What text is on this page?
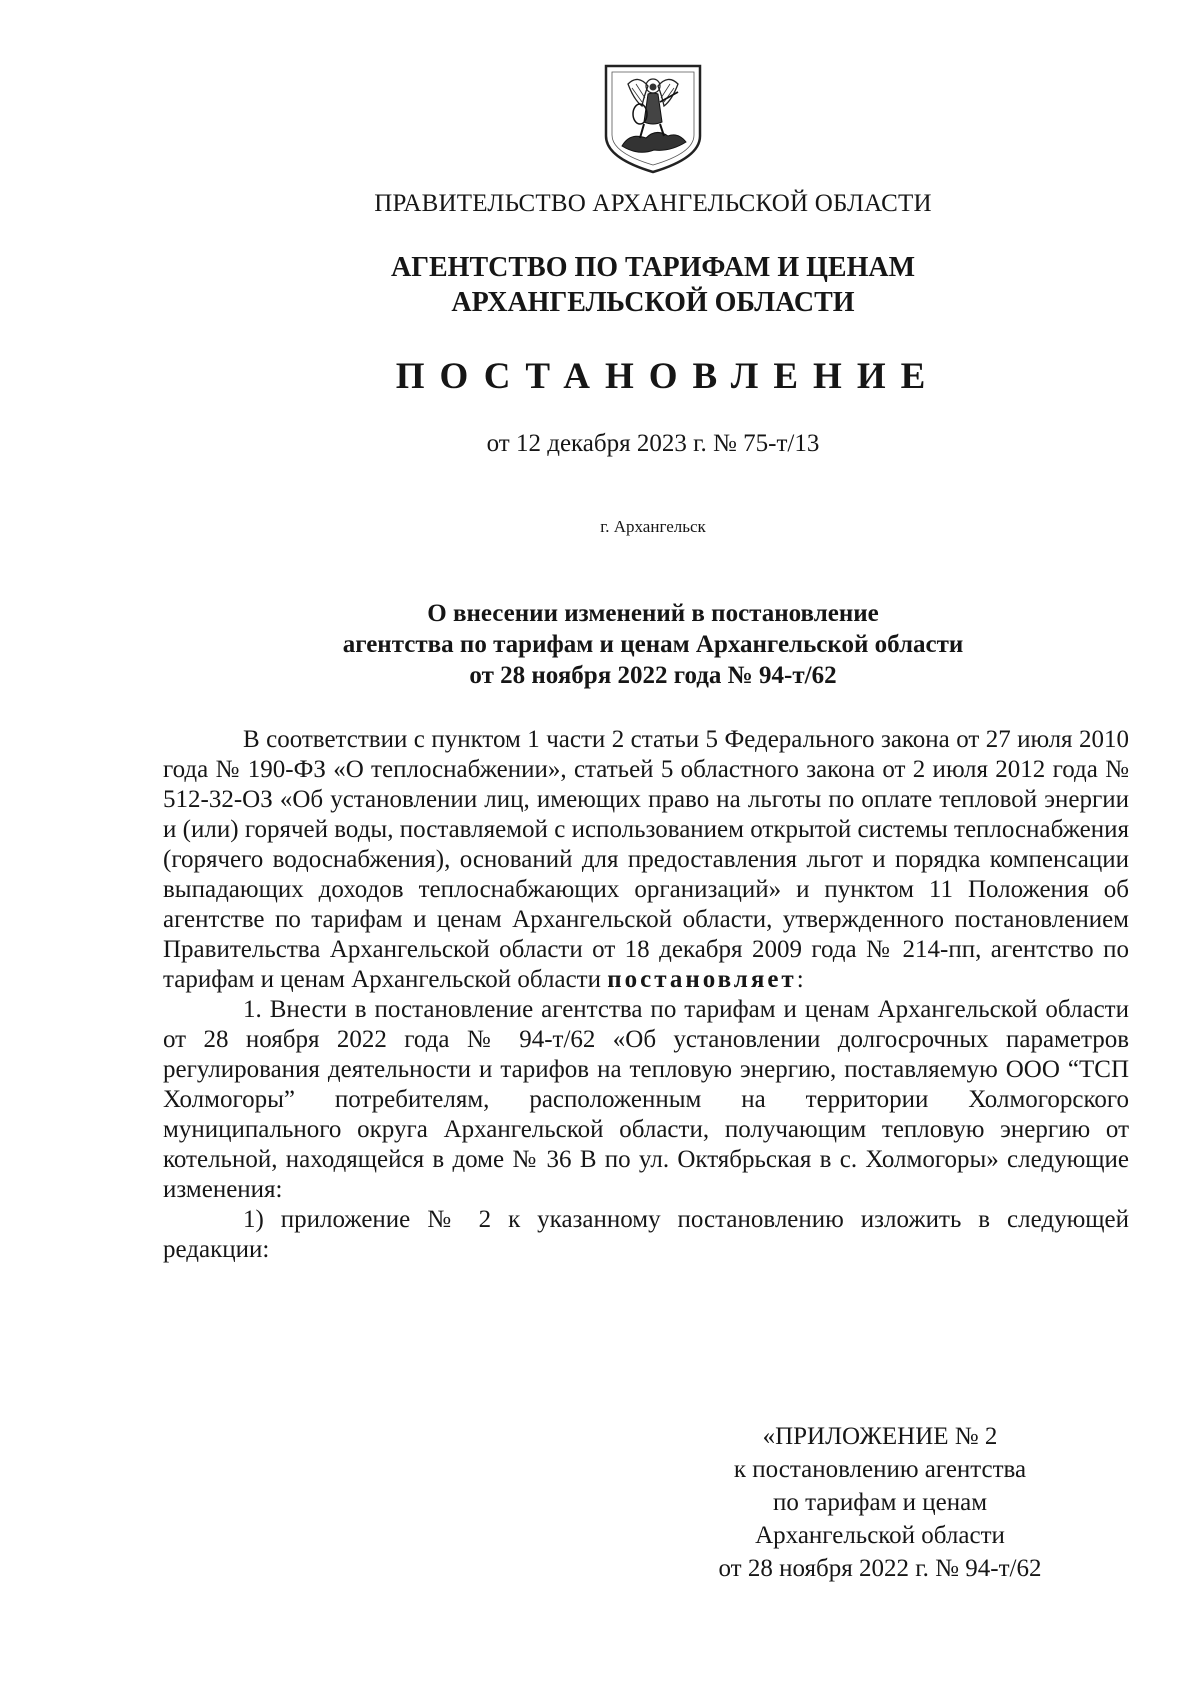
ПРАВИТЕЛЬСТВО АРХАНГЕЛЬСКОЙ ОБЛАСТИ
АГЕНТСТВО ПО ТАРИФАМ И ЦЕНАМ
АРХАНГЕЛЬСКОЙ ОБЛАСТИ
ПОСТАНОВЛЕНИЕ
от 12 декабря 2023 г. № 75-т/13
г. Архангельск
О внесении изменений в постановление
агентства по тарифам и ценам Архангельской области
от 28 ноября 2022 года № 94-т/62

В соответствии с пунктом 1 части 2 статьи 5 Федерального закона от 27 июля 2010 года № 190-ФЗ «О теплоснабжении», статьей 5 областного закона от 2 июля 2012 года № 512-32-ОЗ «Об установлении лиц, имеющих право на льготы по оплате тепловой энергии и (или) горячей воды, поставляемой с использованием открытой системы теплоснабжения (горячего водоснабжения), оснований для предоставления льгот и порядка компенсации выпадающих доходов теплоснабжающих организаций» и пунктом 11 Положения об агентстве по тарифам и ценам Архангельской области, утвержденного постановлением Правительства Архангельской области от 18 декабря 2009 года № 214-пп, агентство по тарифам и ценам Архангельской области постановляет:

1. Внести в постановление агентства по тарифам и ценам Архангельской области от 28 ноября 2022 года № 94-т/62 «Об установлении долгосрочных параметров регулирования деятельности и тарифов на тепловую энергию, поставляемую ООО “ТСП Холмогоры” потребителям, расположенным на территории Холмогорского муниципального округа Архангельской области, получающим тепловую энергию от котельной, находящейся в доме № 36 В по ул. Октябрьская в с. Холмогоры» следующие изменения:

1) приложение № 2 к указанному постановлению изложить в следующей редакции:

«ПРИЛОЖЕНИЕ № 2
к постановлению агентства
по тарифам и ценам
Архангельской области
от 28 ноября 2022 г. № 94-т/62
